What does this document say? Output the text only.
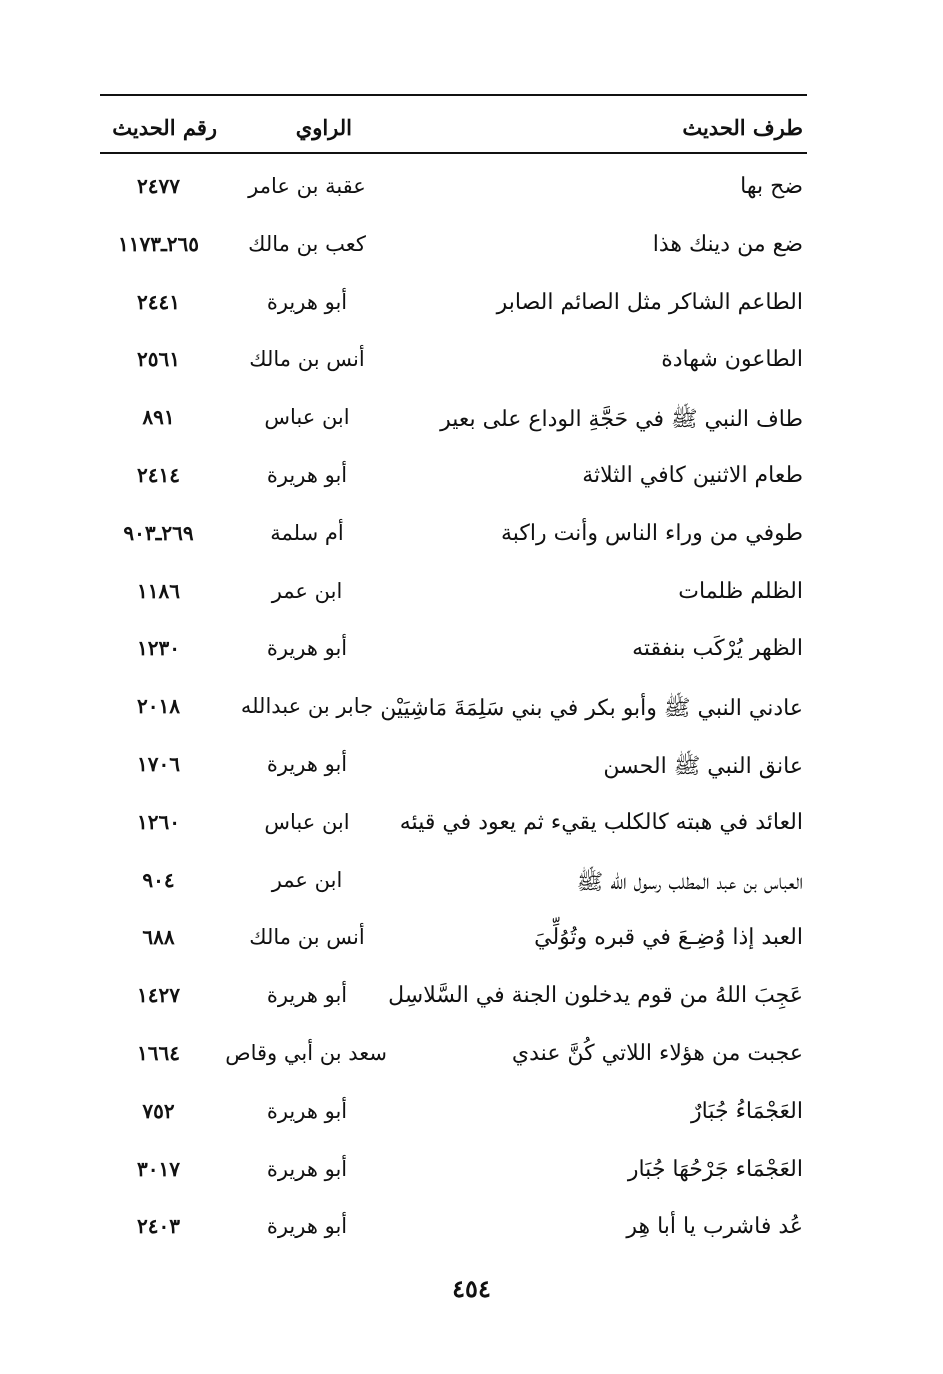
طرف الحديث
الراوي
رقم الحديث
ضح بها
عقبة بن عامر
٢٤٧٧
ضع من دينك هذا
كعب بن مالك
٢٦٥ـ١١٧٣
الطاعم الشاكر مثل الصائم الصابر
أبو هريرة
٢٤٤١
الطاعون شهادة
أنس بن مالك
٢٥٦١
طاف النبي ﷺ في حَجَّةِ الوداع على بعير
ابن عباس
٨٩١
طعام الاثنين كافي الثلاثة
أبو هريرة
٢٤١٤
طوفي من وراء الناس وأنت راكبة
أم سلمة
٢٦٩ـ٩٠٣
الظلم ظلمات
ابن عمر
١١٨٦
الظهر يُرْكَب بنفقته
أبو هريرة
١٢٣٠
عادني النبي ﷺ وأبو بكر في بني سَلِمَةَ مَاشِيَيْن
جابر بن عبدالله
٢٠١٨
عانق النبي ﷺ الحسن
أبو هريرة
١٧٠٦
العائد في هبته كالكلب يقيء ثم يعود في قيئه
ابن عباس
١٢٦٠
العباس بن عبد المطلب رسول الله ﷺ
ابن عمر
٩٠٤
العبد إذا وُضِـعَ في قبره وتُوُلِّيَ
أنس بن مالك
٦٨٨
عَجِبَ اللهُ من قوم يدخلون الجنة في السَّلاسِل
أبو هريرة
١٤٢٧
عجبت من هؤلاء اللاتي كُنَّ عندي
سعد بن أبي وقاص
١٦٦٤
العَجْمَاءُ جُبَارٌ
أبو هريرة
٧٥٢
العَجْمَاء جَرْحُهَا جُبَار
أبو هريرة
٣٠١٧
عُد فاشرب يا أبا هِر
أبو هريرة
٢٤٠٣
٤٥٤
